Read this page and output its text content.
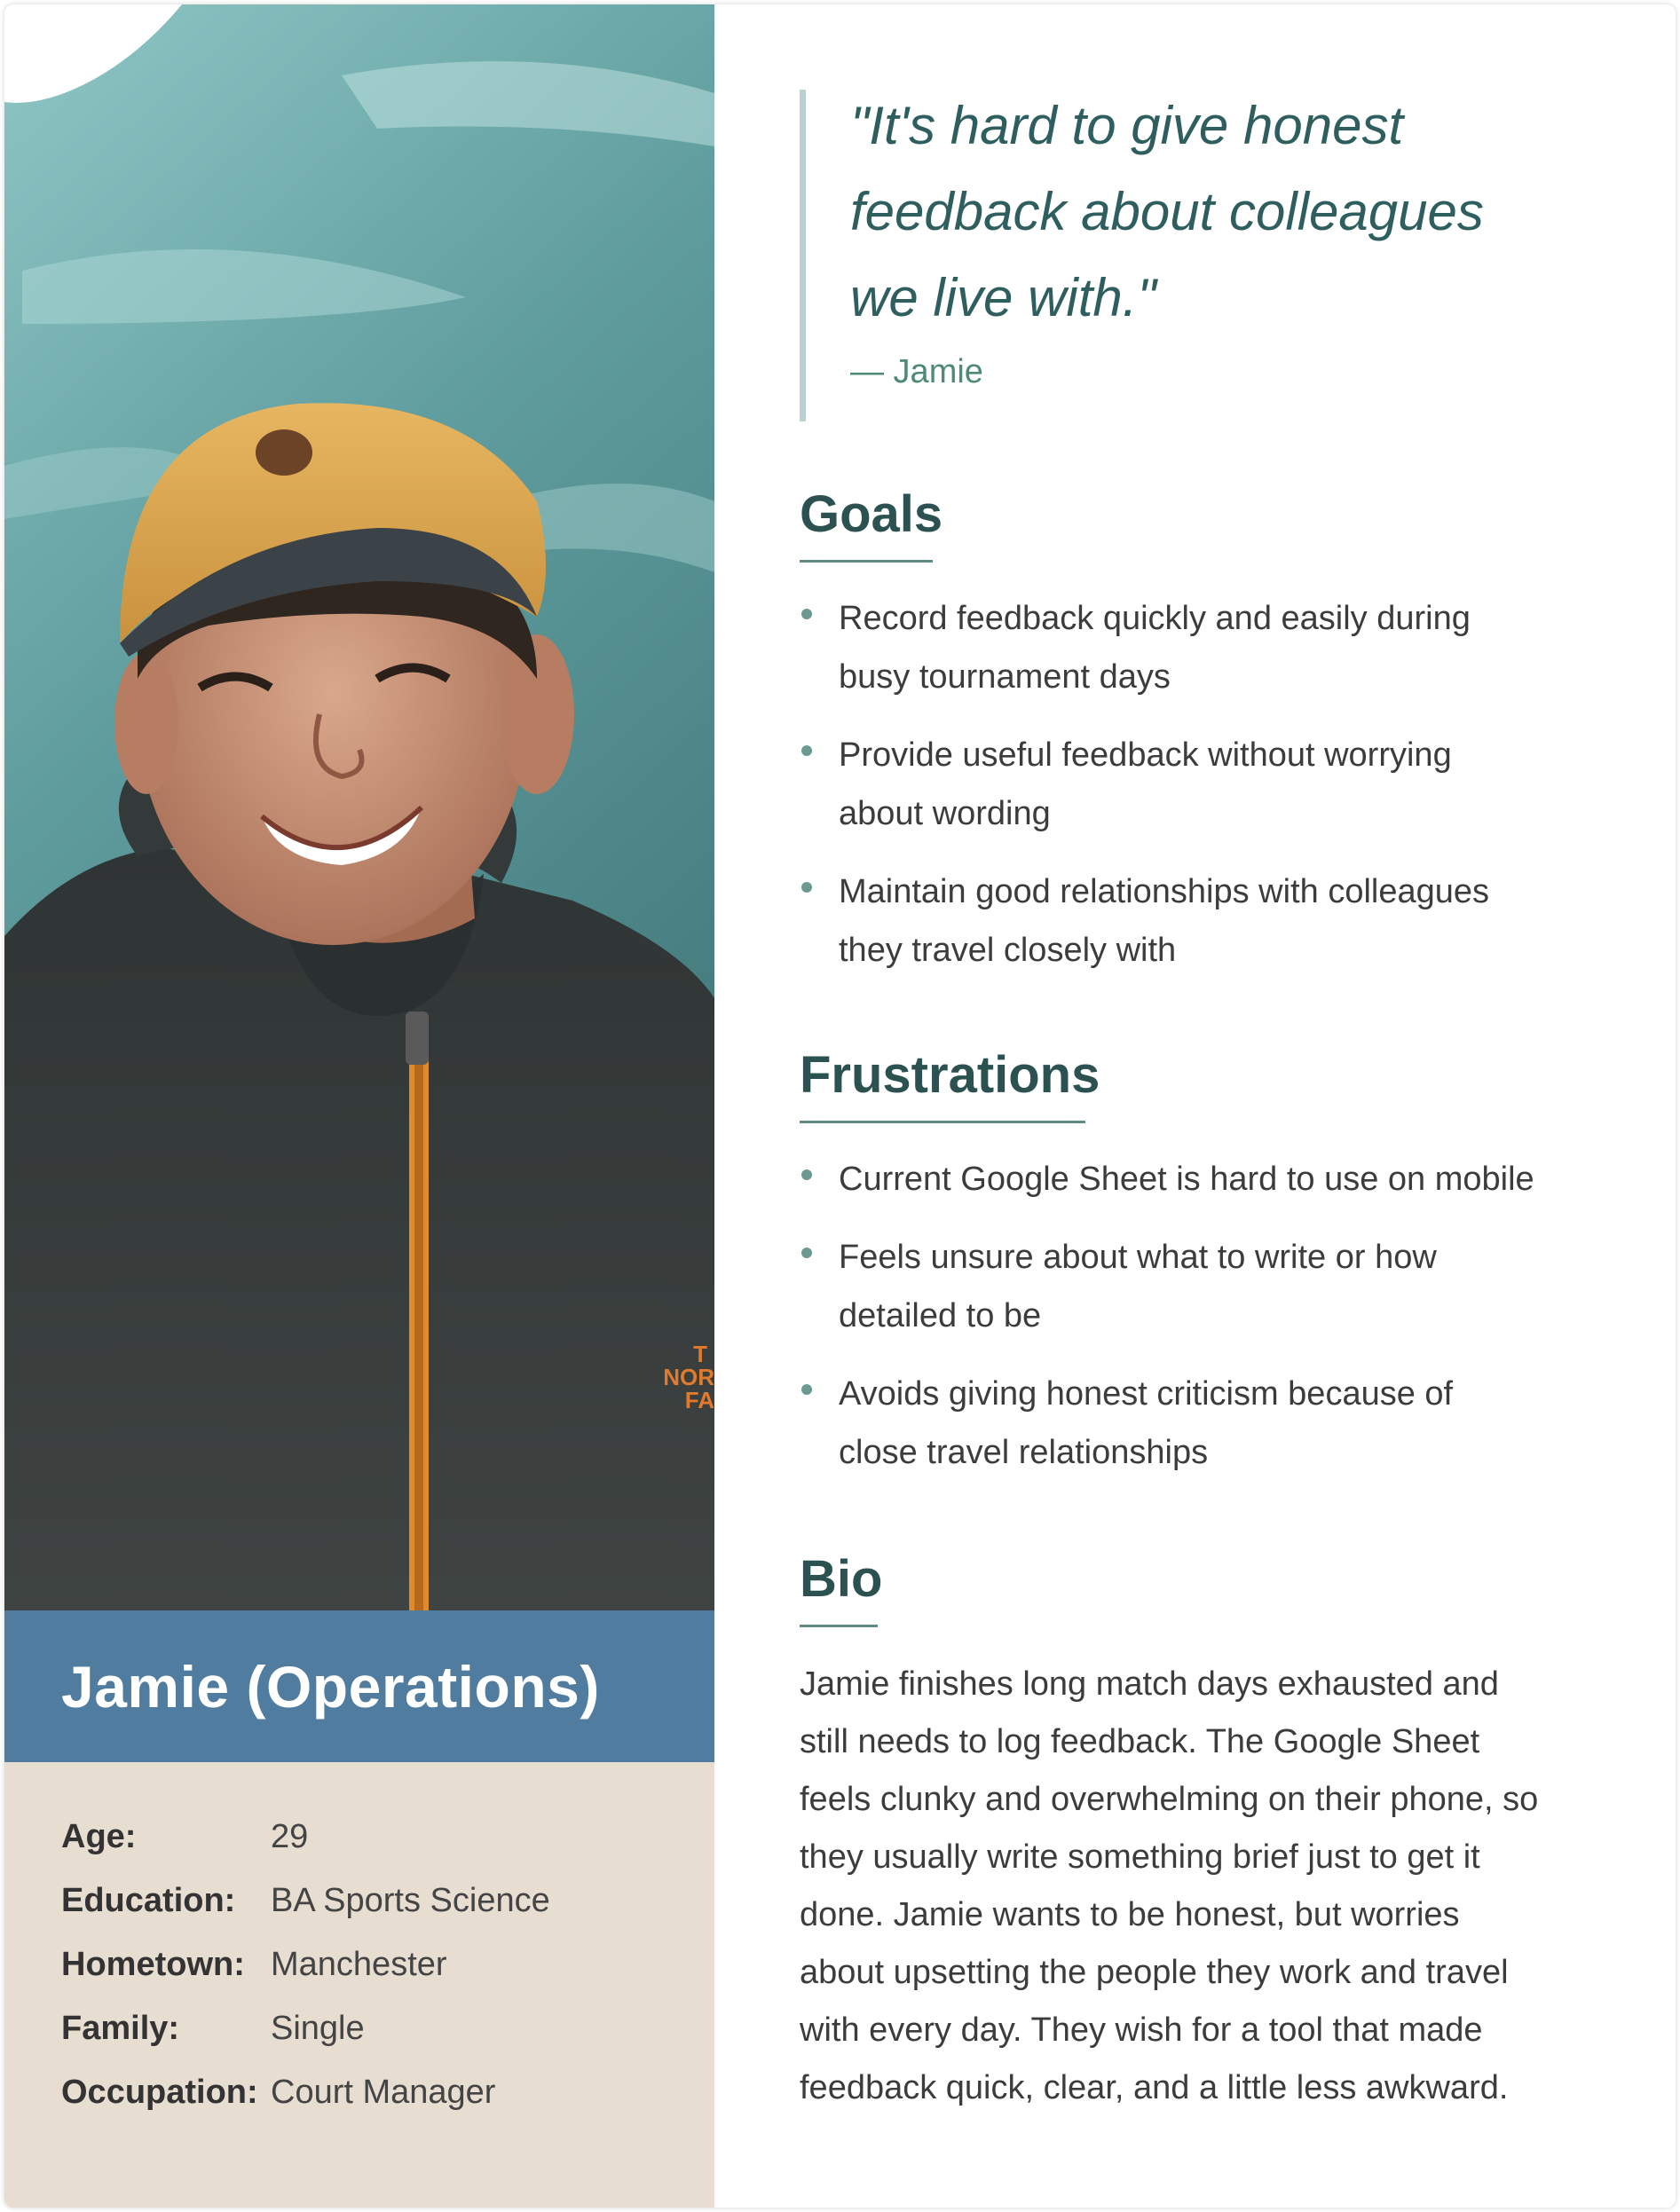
T
NOR
FA
Jamie (Operations)
Age:	29
Education:	BA Sports Science
Hometown: Manchester
Family:	Single
Occupation: Court Manager

"It's hard to give honest
feedback about colleagues
we live with."

— Jamie
Goals
Record feedback quickly and easily during
busy tournament days
Provide useful feedback without worrying
about wording
Maintain good relationships with colleagues
they travel closely with
Frustrations
Current Google Sheet is hard to use on mobile
Feels unsure about what to write or how
detailed to be
Avoids giving honest criticism because of
close travel relationships
Bio

Jamie finishes long match days exhausted and
still needs to log feedback. The Google Sheet
feels clunky and overwhelming on their phone, so
they usually write something brief just to get it
done. Jamie wants to be honest, but worries
about upsetting the people they work and travel
with every day. They wish for a tool that made
feedback quick, clear, and a little less awkward.
